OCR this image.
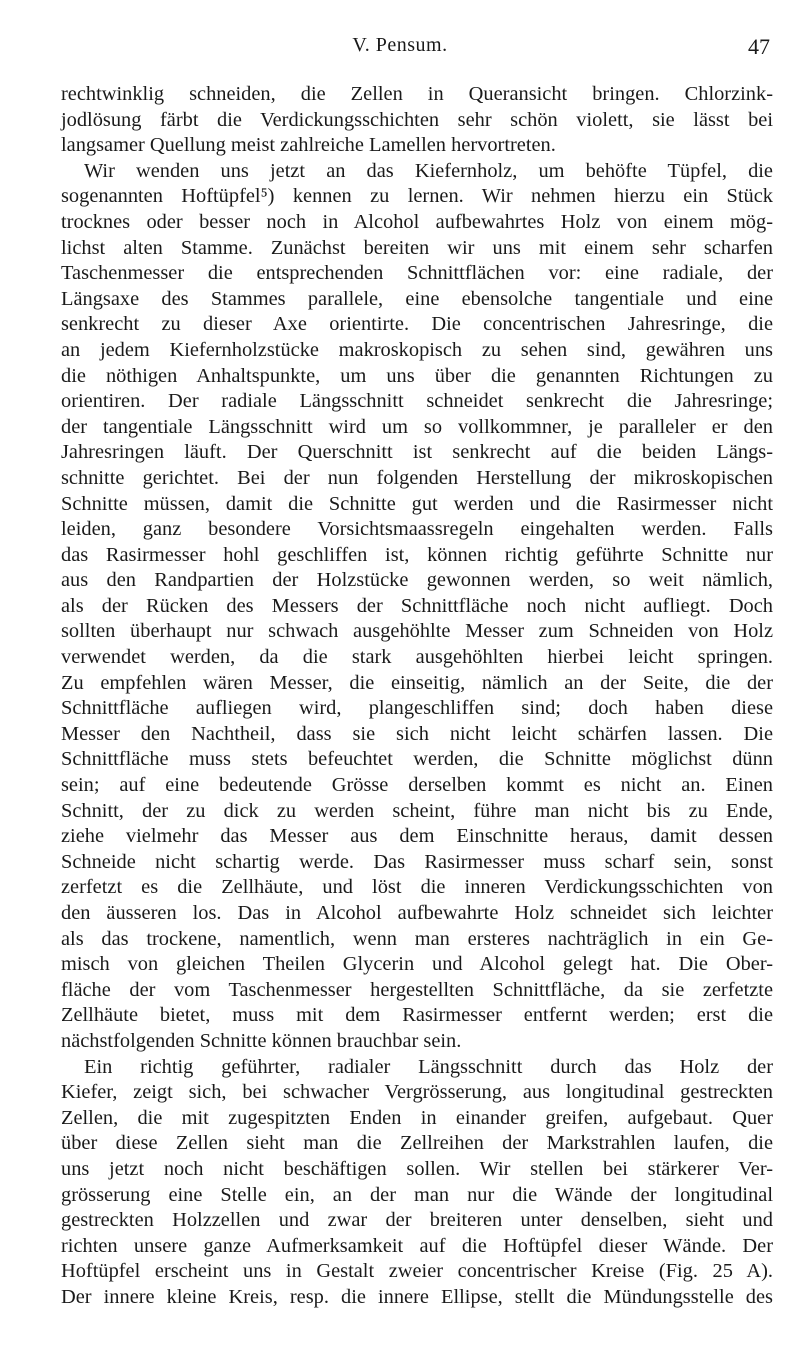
V. Pensum.	47
rechtwinklig schneiden, die Zellen in Queransicht bringen. Chlorzink-
jodlösung färbt die Verdickungsschichten sehr schön violett, sie lässt bei
langsamer Quellung meist zahlreiche Lamellen hervortreten.
Wir wenden uns jetzt an das Kiefernholz, um behöfte Tüpfel, die
sogenannten Hoftüpfel⁵) kennen zu lernen. Wir nehmen hierzu ein Stück
trocknes oder besser noch in Alcohol aufbewahrtes Holz von einem mög-
lichst alten Stamme. Zunächst bereiten wir uns mit einem sehr scharfen
Taschenmesser die entsprechenden Schnittflächen vor: eine radiale, der
Längsaxe des Stammes parallele, eine ebensolche tangentiale und eine
senkrecht zu dieser Axe orientirte. Die concentrischen Jahresringe, die
an jedem Kiefernholzstücke makroskopisch zu sehen sind, gewähren uns
die nöthigen Anhaltspunkte, um uns über die genannten Richtungen zu
orientiren. Der radiale Längsschnitt schneidet senkrecht die Jahresringe;
der tangentiale Längsschnitt wird um so vollkommner, je paralleler er den
Jahresringen läuft. Der Querschnitt ist senkrecht auf die beiden Längs-
schnitte gerichtet. Bei der nun folgenden Herstellung der mikroskopischen
Schnitte müssen, damit die Schnitte gut werden und die Rasirmesser nicht
leiden, ganz besondere Vorsichtsmaassregeln eingehalten werden. Falls
das Rasirmesser hohl geschliffen ist, können richtig geführte Schnitte nur
aus den Randpartien der Holzstücke gewonnen werden, so weit nämlich,
als der Rücken des Messers der Schnittfläche noch nicht aufliegt. Doch
sollten überhaupt nur schwach ausgehöhlte Messer zum Schneiden von Holz
verwendet werden, da die stark ausgehöhlten hierbei leicht springen.
Zu empfehlen wären Messer, die einseitig, nämlich an der Seite, die der
Schnittfläche aufliegen wird, plangeschliffen sind; doch haben diese
Messer den Nachtheil, dass sie sich nicht leicht schärfen lassen. Die
Schnittfläche muss stets befeuchtet werden, die Schnitte möglichst dünn
sein; auf eine bedeutende Grösse derselben kommt es nicht an. Einen
Schnitt, der zu dick zu werden scheint, führe man nicht bis zu Ende,
ziehe vielmehr das Messer aus dem Einschnitte heraus, damit dessen
Schneide nicht schartig werde. Das Rasirmesser muss scharf sein, sonst
zerfetzt es die Zellhäute, und löst die inneren Verdickungsschichten von
den äusseren los. Das in Alcohol aufbewahrte Holz schneidet sich leichter
als das trockene, namentlich, wenn man ersteres nachträglich in ein Ge-
misch von gleichen Theilen Glycerin und Alcohol gelegt hat. Die Ober-
fläche der vom Taschenmesser hergestellten Schnittfläche, da sie zerfetzte
Zellhäute bietet, muss mit dem Rasirmesser entfernt werden; erst die
nächstfolgenden Schnitte können brauchbar sein.
Ein richtig geführter, radialer Längsschnitt durch das Holz der
Kiefer, zeigt sich, bei schwacher Vergrösserung, aus longitudinal gestreckten
Zellen, die mit zugespitzten Enden in einander greifen, aufgebaut. Quer
über diese Zellen sieht man die Zellreihen der Markstrahlen laufen, die
uns jetzt noch nicht beschäftigen sollen. Wir stellen bei stärkerer Ver-
grösserung eine Stelle ein, an der man nur die Wände der longitudinal
gestreckten Holzzellen und zwar der breiteren unter denselben, sieht und
richten unsere ganze Aufmerksamkeit auf die Hoftüpfel dieser Wände. Der
Hoftüpfel erscheint uns in Gestalt zweier concentrischer Kreise (Fig. 25 A).
Der innere kleine Kreis, resp. die innere Ellipse, stellt die Mündungsstelle des
